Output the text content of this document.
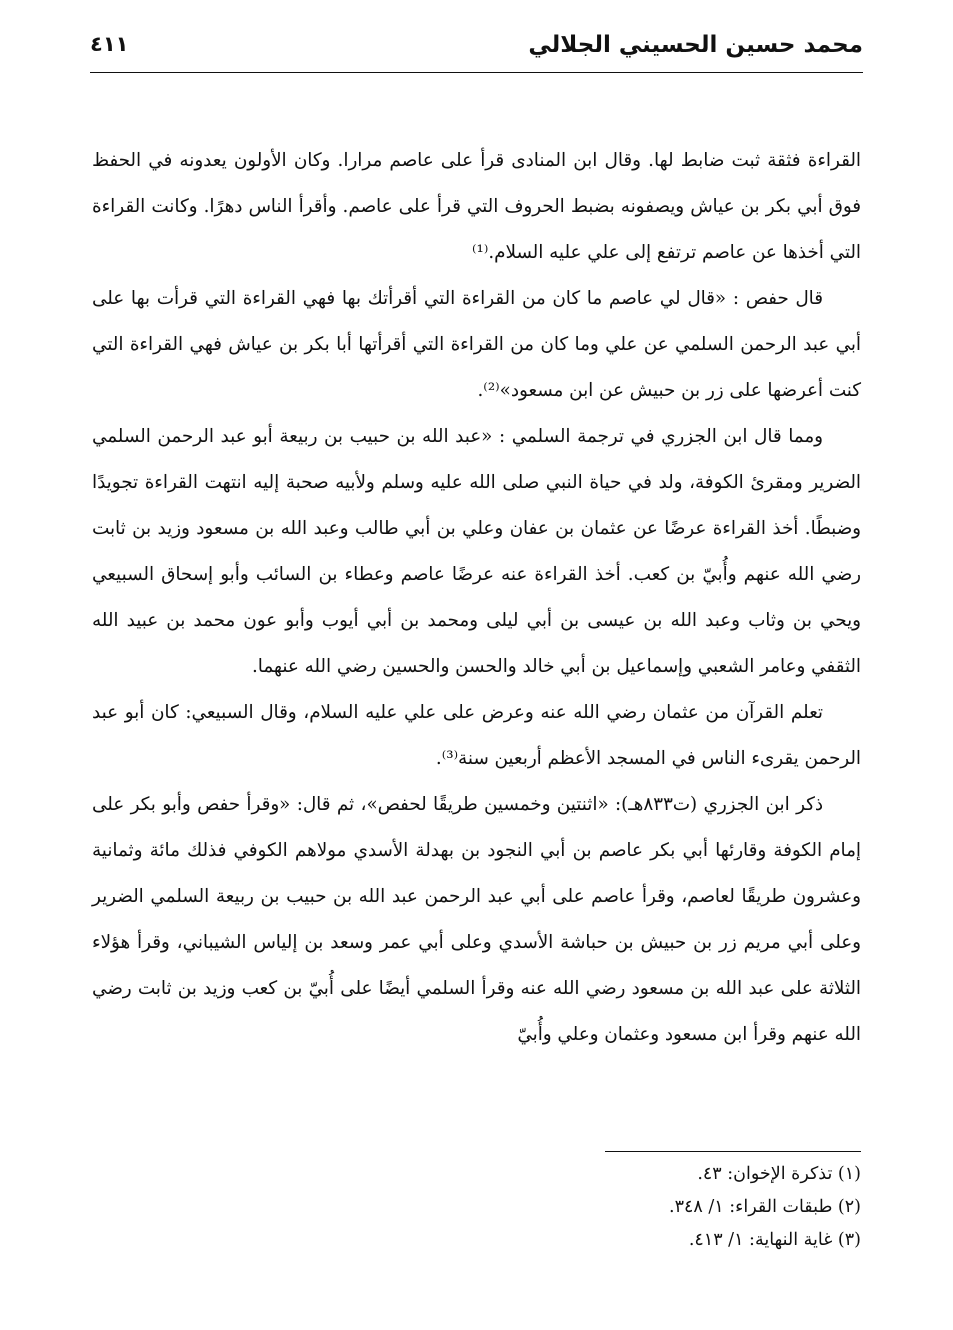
محمد حسين الحسيني الجلالي
٤١١

القراءة فثقة ثبت ضابط لها. وقال ابن المنادى قرأ على عاصم مرارا. وكان الأولون يعدونه في الحفظ فوق أبي بكر بن عياش ويصفونه بضبط الحروف التي قرأ على عاصم. وأقرأ الناس دهرًا. وكانت القراءة التي أخذها عن عاصم ترتفع إلى علي عليه السلام.⁽¹⁾

قال حفص : «قال لي عاصم ما كان من القراءة التي أقرأتك بها فهي القراءة التي قرأت بها على أبي عبد الرحمن السلمي عن علي وما كان من القراءة التي أقرأتها أبا بكر بن عياش فهي القراءة التي كنت أعرضها على زر بن حبيش عن ابن مسعود»⁽²⁾.

ومما قال ابن الجزري في ترجمة السلمي : «عبد الله بن حبيب بن ربيعة أبو عبد الرحمن السلمي الضرير ومقرئ الكوفة، ولد في حياة النبي صلى الله عليه وسلم ولأبيه صحبة إليه انتهت القراءة تجويدًا وضبطًا. أخذ القراءة عرضًا عن عثمان بن عفان وعلي بن أبي طالب وعبد الله بن مسعود وزيد بن ثابت رضي الله عنهم وأُبيّ بن كعب. أخذ القراءة عنه عرضًا عاصم وعطاء بن السائب وأبو إسحاق السبيعي ويحي بن وثاب وعبد الله بن عيسى بن أبي ليلى ومحمد بن أبي أيوب وأبو عون محمد بن عبيد الله الثقفي وعامر الشعبي وإسماعيل بن أبي خالد والحسن والحسين رضي الله عنهما.

تعلم القرآن من عثمان رضي الله عنه وعرض على علي عليه السلام، وقال السبيعي: كان أبو عبد الرحمن يقرىء الناس في المسجد الأعظم أربعين سنة⁽³⁾.

ذكر ابن الجزري (ت٨٣٣هـ): «اثنتين وخمسين طريقًا لحفص»، ثم قال: «وقرأ حفص وأبو بكر على إمام الكوفة وقارئها أبي بكر عاصم بن أبي النجود بن بهدلة الأسدي مولاهم الكوفي فذلك مائة وثمانية وعشرون طريقًا لعاصم، وقرأ عاصم على أبي عبد الرحمن عبد الله بن حبيب بن ربيعة السلمي الضرير وعلى أبي مريم زر بن حبيش بن حباشة الأسدي وعلى أبي عمر وسعد بن إلياس الشيباني، وقرأ هؤلاء الثلاثة على عبد الله بن مسعود رضي الله عنه وقرأ السلمي أيضًا على أُبيّ بن كعب وزيد بن ثابت رضي الله عنهم وقرأ ابن مسعود وعثمان وعلي وأُبيّ

(١) تذكرة الإخوان: ٤٣.

(٢) طبقات القراء: ١/ ٣٤٨.

(٣) غاية النهاية: ١/ ٤١٣.
